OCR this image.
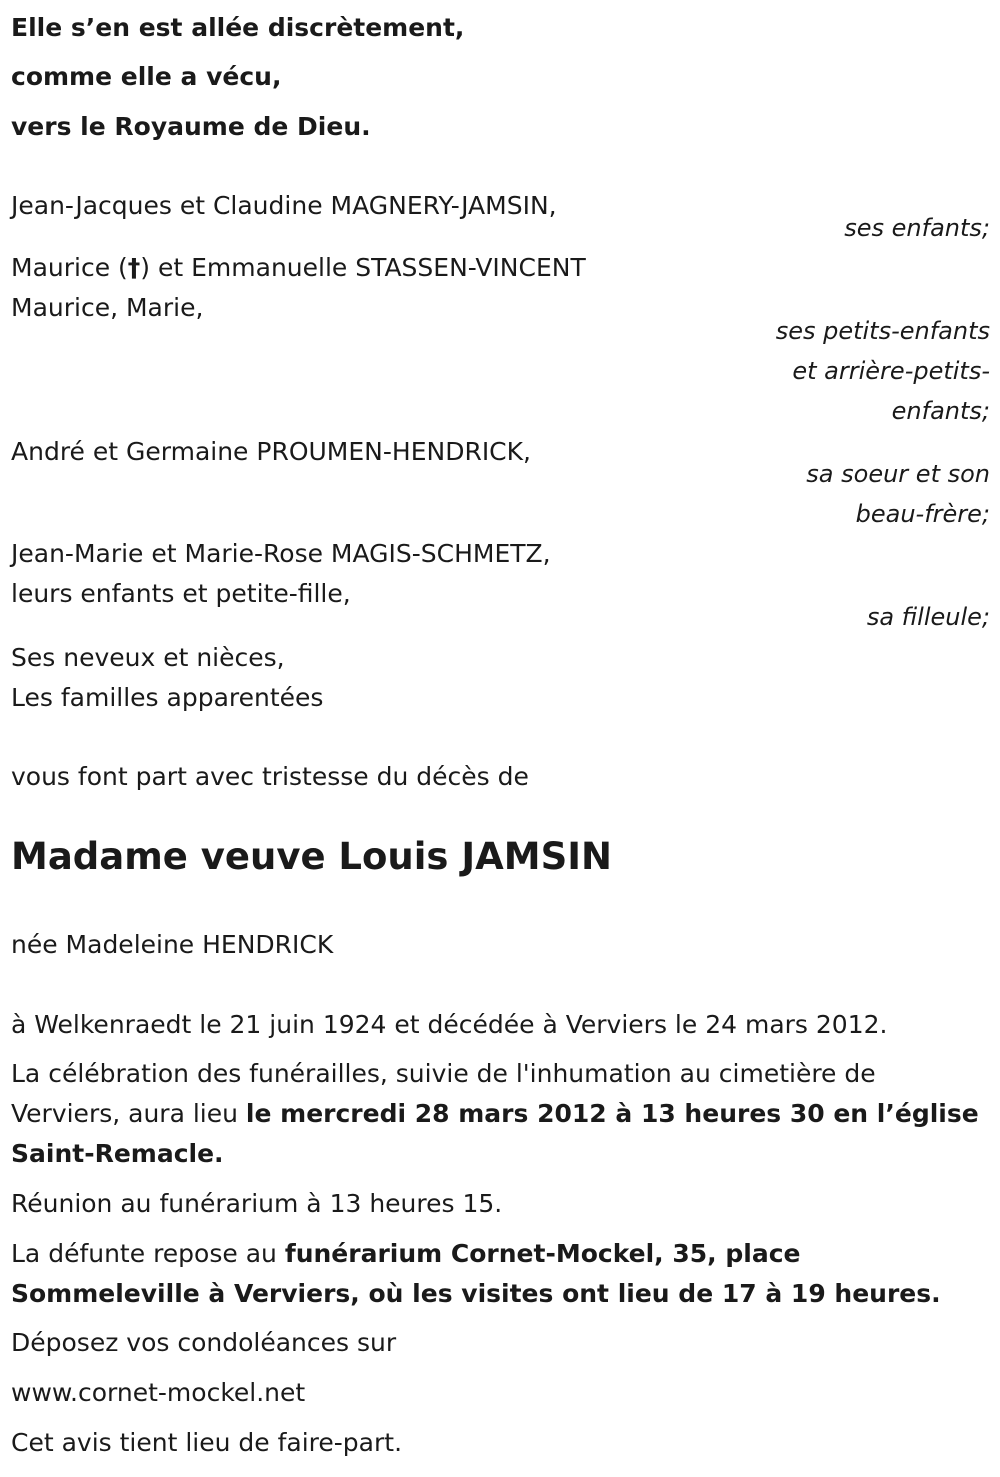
Elle s’en est allée discrètement,
comme elle a vécu,
vers le Royaume de Dieu.
Jean-Jacques et Claudine MAGNERY-JAMSIN,
ses enfants;
Maurice (†) et Emmanuelle STASSEN-VINCENT
Maurice, Marie,
ses petits-enfants
et arrière-petits-
enfants;
André et Germaine PROUMEN-HENDRICK,
sa soeur et son
beau-frère;
Jean-Marie et Marie-Rose MAGIS-SCHMETZ,
leurs enfants et petite-fille,
sa filleule;
Ses neveux et nièces,
Les familles apparentées
vous font part avec tristesse du décès de
Madame veuve Louis JAMSIN
née Madeleine HENDRICK
à Welkenraedt le 21 juin 1924 et décédée à Verviers le 24 mars 2012.
La célébration des funérailles, suivie de l'inhumation au cimetière de
Verviers, aura lieu le mercredi 28 mars 2012 à 13 heures 30 en l’église
Saint-Remacle.
Réunion au funérarium à 13 heures 15.
La défunte repose au funérarium Cornet-Mockel, 35, place
Sommeleville à Verviers, où les visites ont lieu de 17 à 19 heures.
Déposez vos condoléances sur
www.cornet-mockel.net
Cet avis tient lieu de faire-part.
